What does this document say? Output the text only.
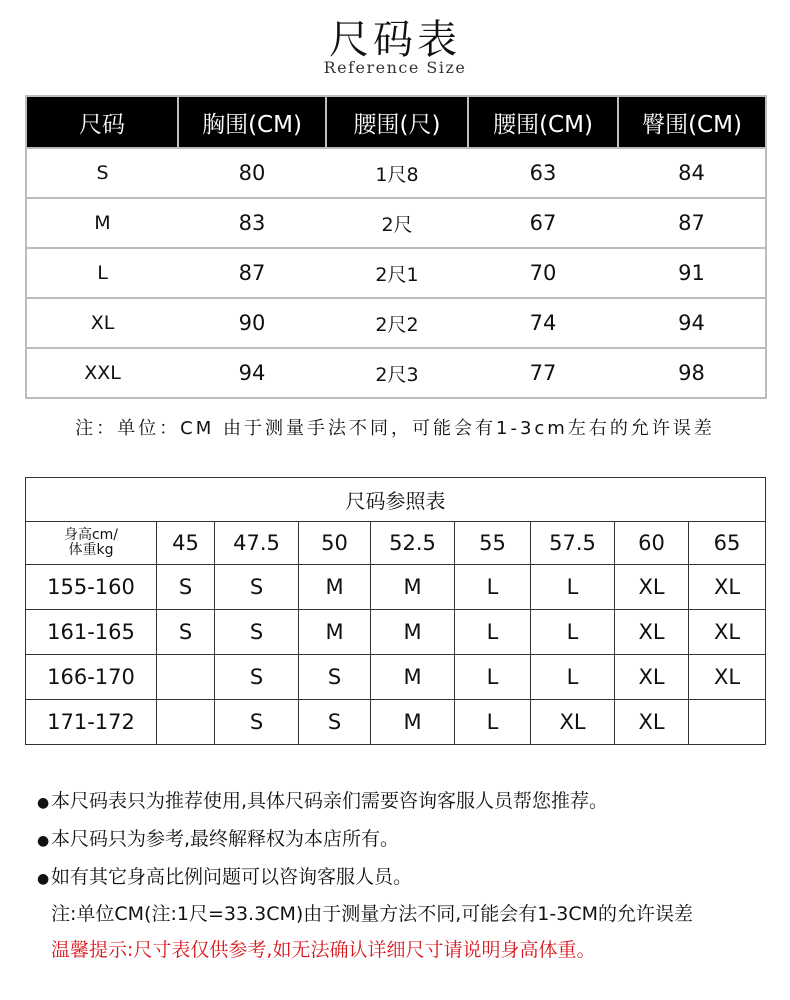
尺码表
Reference Size
尺码	胸围(CM)	腰围(尺)	腰围(CM)	臀围(CM)
S	80	1尺8	63	84
M	83	2尺	67	87
L	87	2尺1	70	91
XL	90	2尺2	74	94
XXL	94	2尺3	77	98
注：单位：CM 由于测量手法不同，可能会有1-3cm左右的允许误差
尺码参照表								

身高cm/
体重kg	45	47.5	50	52.5	55	57.5	60	65
155-160	S	S	M	M	L	L	XL	XL
161-165	S	S	M	M	L	L	XL	XL
166-170		S	S	M	L	L	XL	XL
171-172		S	S	M	L	XL	XL	
●本尺码表只为推荐使用,具体尺码亲们需要咨询客服人员帮您推荐。
●本尺码只为参考,最终解释权为本店所有。
●如有其它身高比例问题可以咨询客服人员。
注:单位CM(注:1尺=33.3CM)由于测量方法不同,可能会有1-3CM的允许误差
温馨提示:尺寸表仅供参考,如无法确认详细尺寸请说明身高体重。
